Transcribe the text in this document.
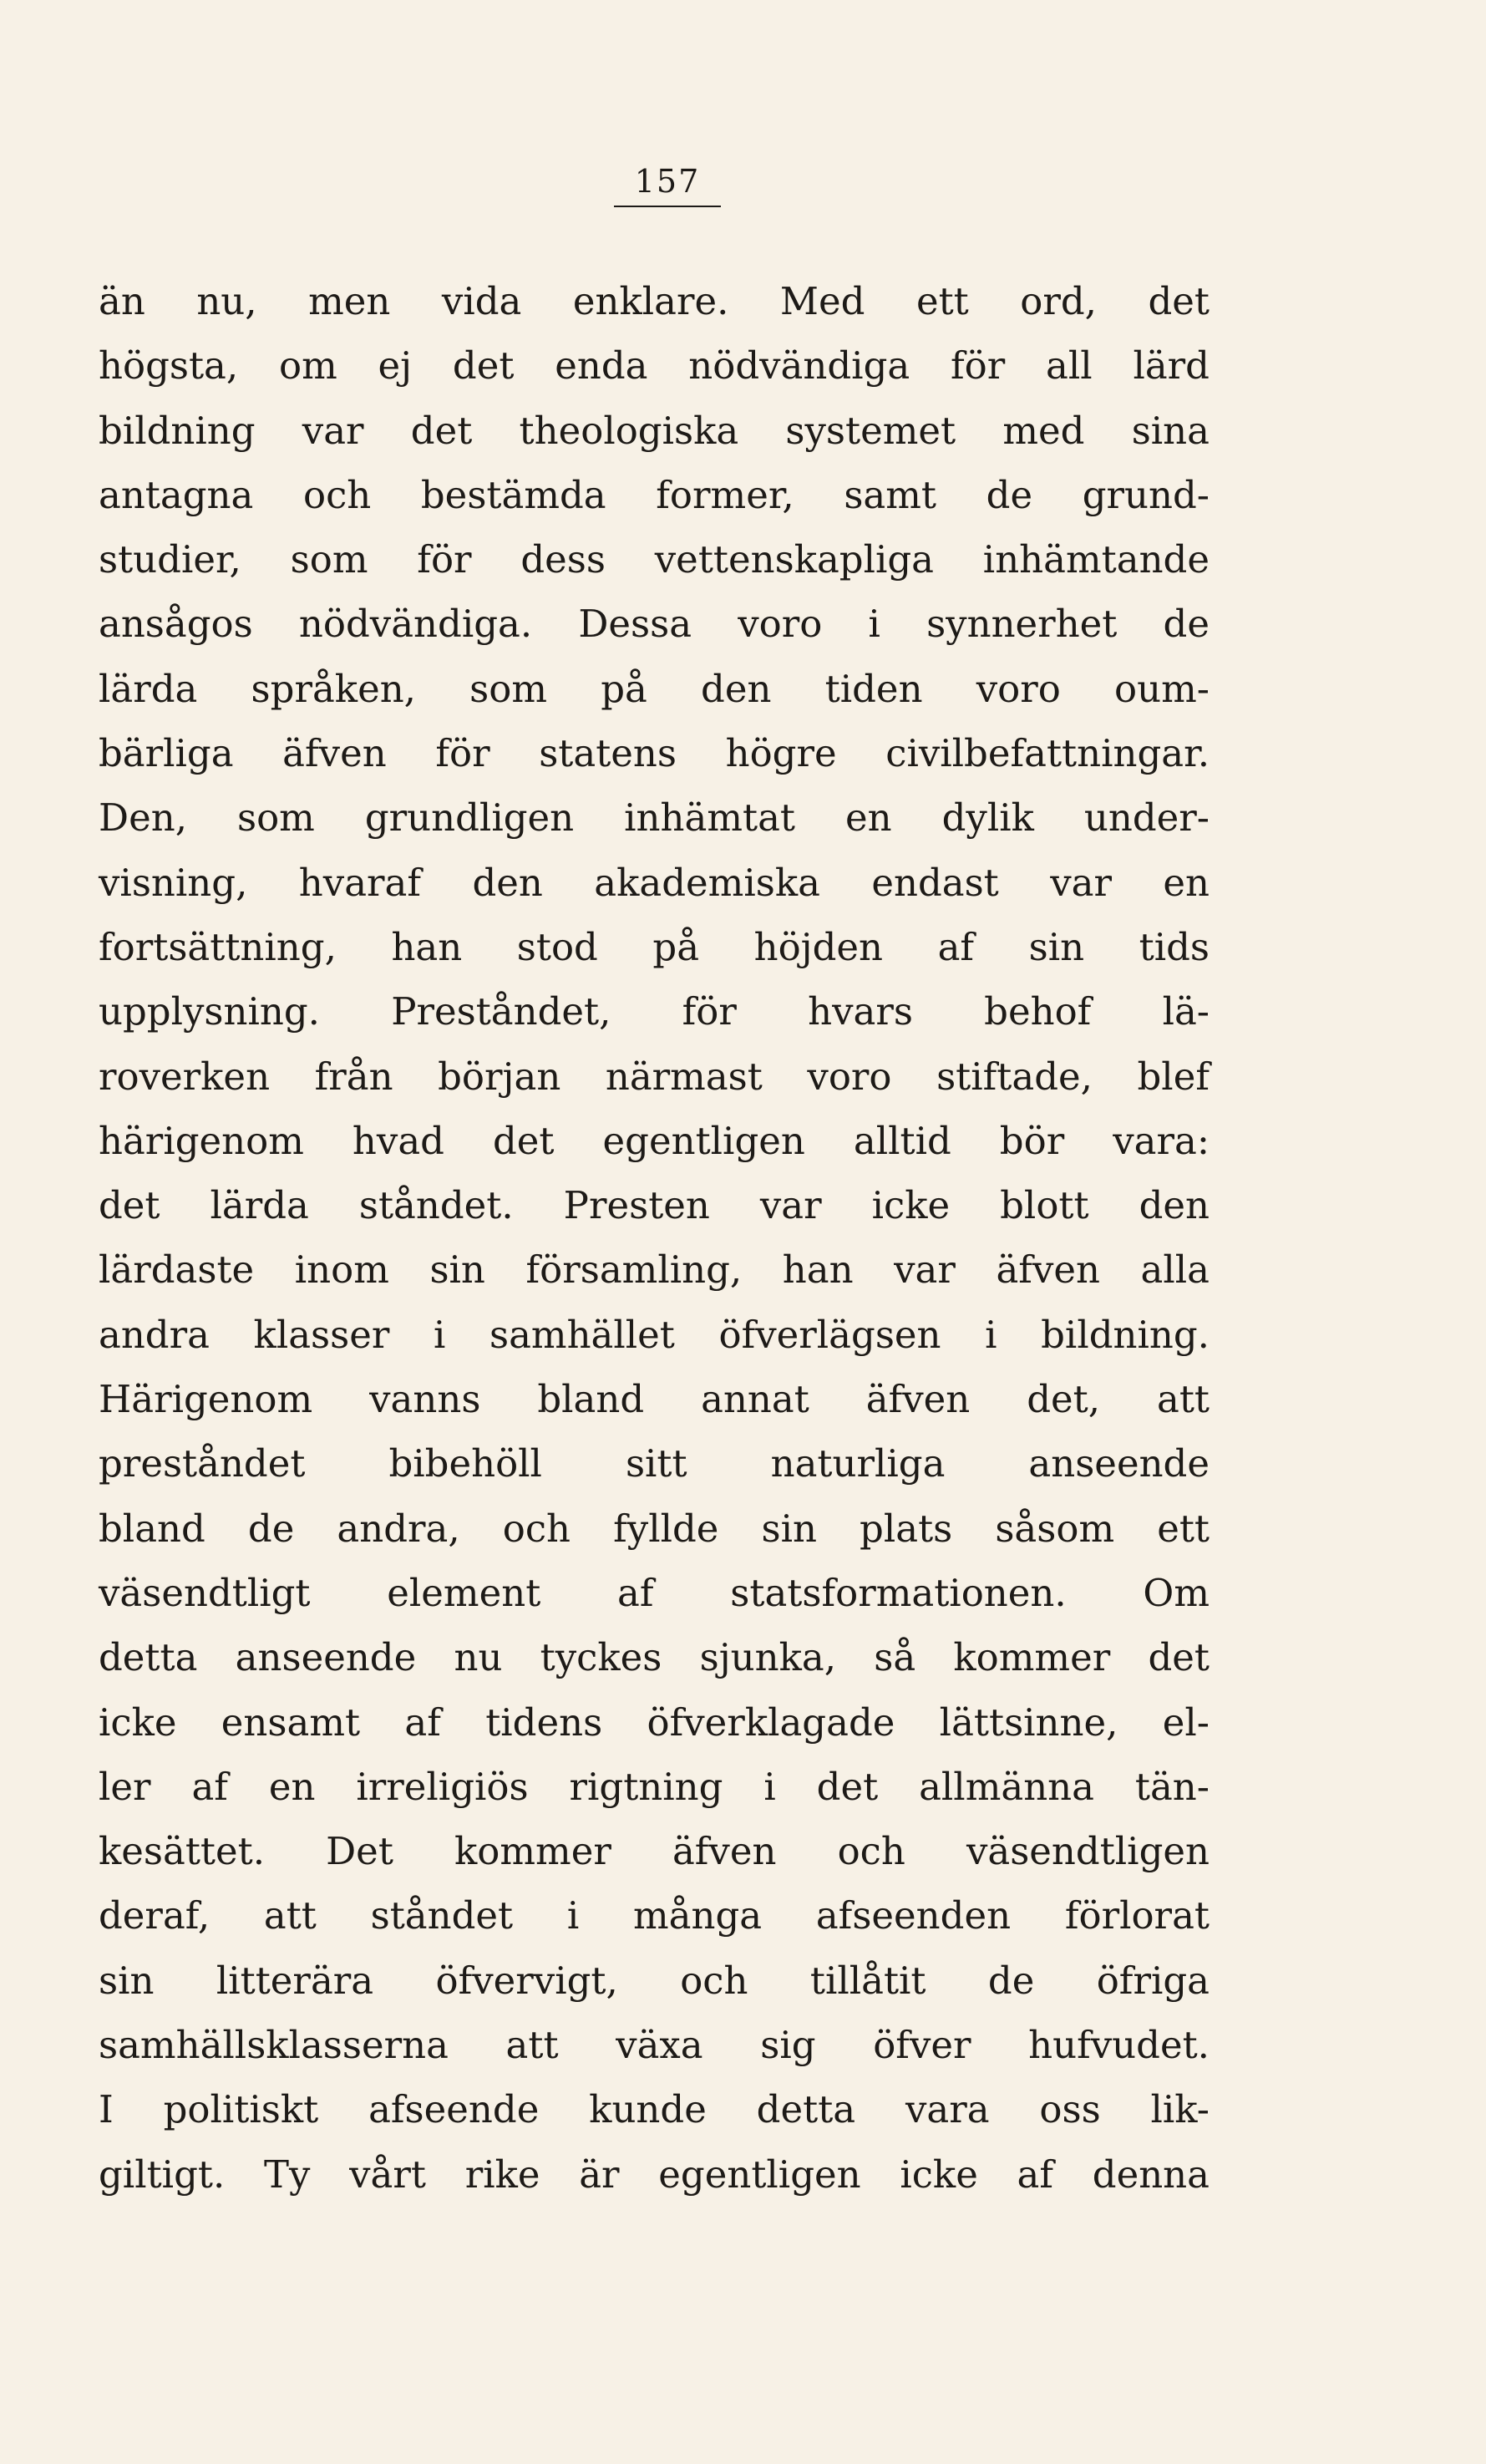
157
än nu, men vida enklare. Med ett ord, det
högsta, om ej det enda nödvändiga för all lärd
bildning var det theologiska systemet med sina
antagna och bestämda former, samt de grund-
studier, som för dess vettenskapliga inhämtande
ansågos nödvändiga. Dessa voro i synnerhet de
lärda språken, som på den tiden voro oum-
bärliga äfven för statens högre civilbefattningar.
Den, som grundligen inhämtat en dylik under-
visning, hvaraf den akademiska endast var en
fortsättning, han stod på höjden af sin tids
upplysning. Preståndet, för hvars behof lä-
roverken från början närmast voro stiftade, blef
härigenom hvad det egentligen alltid bör vara:
det lärda ståndet. Presten var icke blott den
lärdaste inom sin församling, han var äfven alla
andra klasser i samhället öfverlägsen i bildning.
Härigenom vanns bland annat äfven det, att
preståndet bibehöll sitt naturliga anseende
bland de andra, och fyllde sin plats såsom ett
väsendtligt element af statsformationen. Om
detta anseende nu tyckes sjunka, så kommer det
icke ensamt af tidens öfverklagade lättsinne, el-
ler af en irreligiös rigtning i det allmänna tän-
kesättet. Det kommer äfven och väsendtligen
deraf, att ståndet i många afseenden förlorat
sin litterära öfvervigt, och tillåtit de öfriga
samhällsklasserna att växa sig öfver hufvudet.
I politiskt afseende kunde detta vara oss lik-
giltigt. Ty vårt rike är egentligen icke af denna
